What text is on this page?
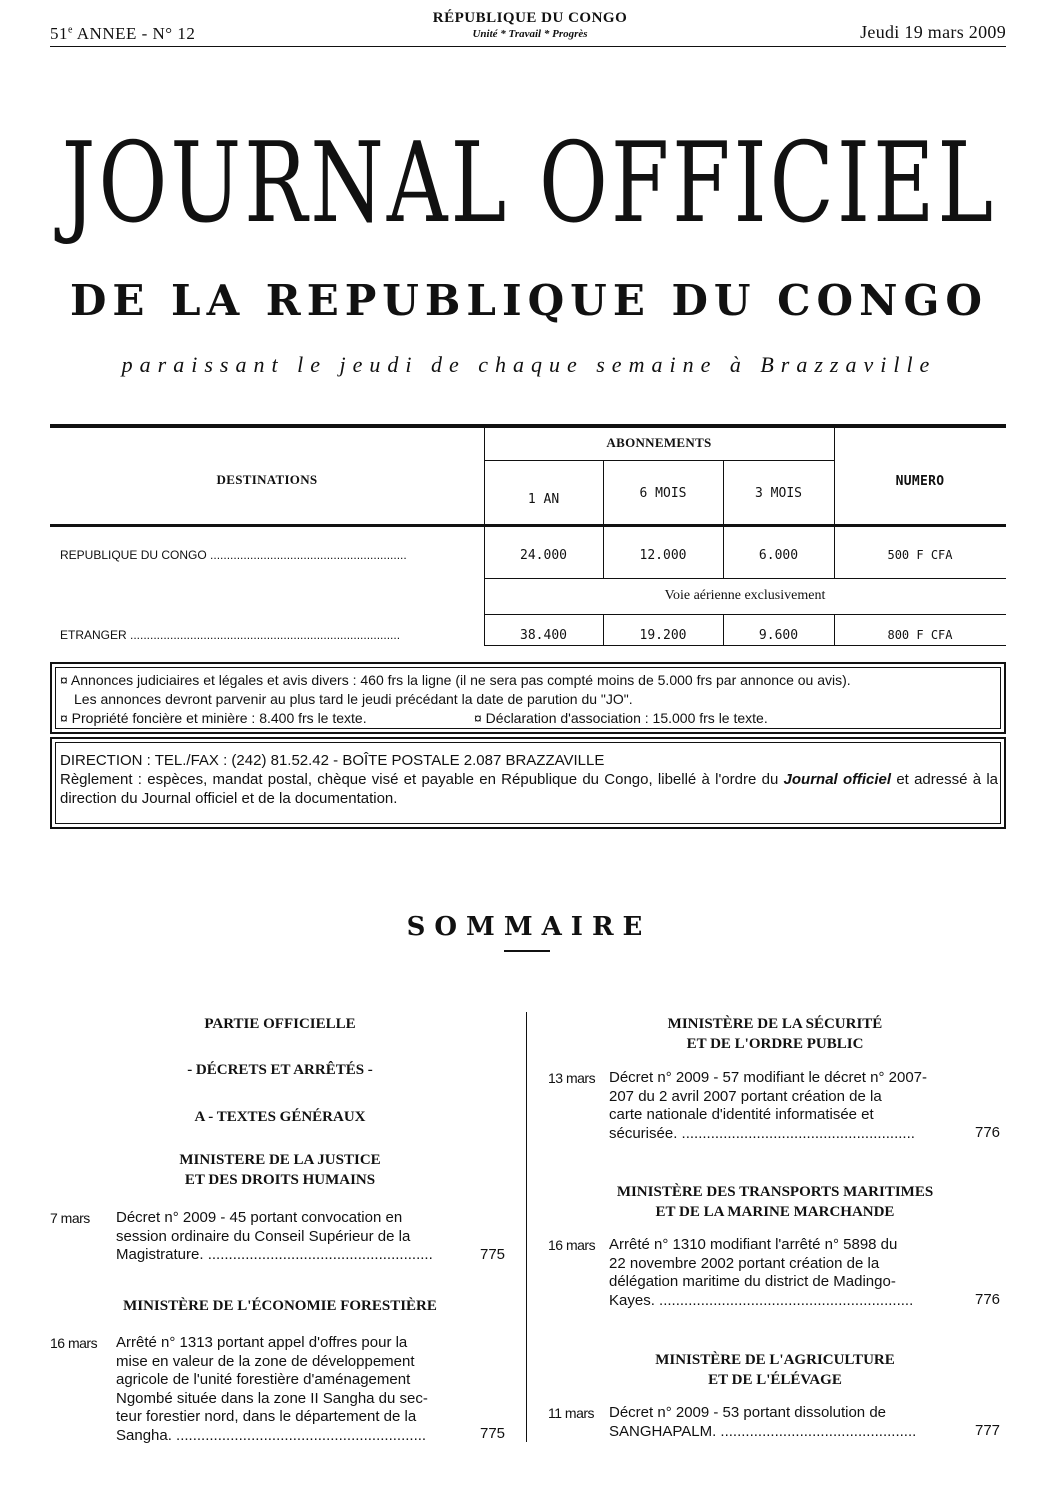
51e ANNEE - N° 12
RÉPUBLIQUE DU CONGO
Unité * Travail * Progrès	Jeudi 19 mars 2009
JOURNAL OFFICIEL
DE LA REPUBLIQUE DU CONGO
paraissant le jeudi de chaque semaine à Brazzaville
DESTINATIONS
ABONNEMENTS
NUMERO
1 AN	6 MOIS	3 MOIS
REPUBLIQUE DU CONGO ...........................................................	24.000	12.000	6.000	500 F CFA
Voie aérienne exclusivement
ETRANGER .................................................................................	38.400	19.200	9.600	800 F CFA
¤ Annonces judiciaires et légales et avis divers : 460 frs la ligne (il ne sera pas compté moins de 5.000 frs par annonce ou avis).
Les annonces devront parvenir au plus tard le jeudi précédant la date de parution du "JO".
¤ Propriété foncière et minière : 8.400 frs le texte.	¤ Déclaration d'association : 15.000 frs le texte.
DIRECTION : TEL./FAX : (242) 81.52.42 - BOÎTE POSTALE 2.087 BRAZZAVILLE
Règlement : espèces, mandat postal, chèque visé et payable en République du Congo, libellé à l'ordre du Journal officiel et adressé à la direction du Journal officiel et de la documentation.
SOMMAIRE
PARTIE OFFICIELLE
- DÉCRETS ET ARRÊTÉS -
A - TEXTES GÉNÉRAUX
MINISTERE DE LA JUSTICE
ET DES DROITS HUMAINS
7 mars Décret n° 2009 - 45 portant convocation en
session ordinaire du Conseil Supérieur de la
Magistrature. ......................................................	775
MINISTÈRE DE L'ÉCONOMIE FORESTIÈRE
16 mars Arrêté n° 1313 portant appel d'offres pour la
mise en valeur de la zone de développement
agricole de l'unité forestière d'aménagement
Ngombé située dans la zone II Sangha du sec-
teur forestier nord, dans le département de la
Sangha. ............................................................	775
MINISTÈRE DE LA SÉCURITÉ
ET DE L'ORDRE PUBLIC
13 mars Décret n° 2009 - 57 modifiant le décret n° 2007-
207 du 2 avril 2007 portant création de la
carte nationale d'identité informatisée et
sécurisée. ........................................................	776
MINISTÈRE DES TRANSPORTS MARITIMES
ET DE LA MARINE MARCHANDE
16 mars Arrêté n° 1310 modifiant l'arrêté n° 5898 du
22 novembre 2002 portant création de la
délégation maritime du district de Madingo-
Kayes. .............................................................	776
MINISTÈRE DE L'AGRICULTURE
ET DE L'ÉLÉVAGE
11 mars Décret n° 2009 - 53 portant dissolution de
SANGHAPALM. ...............................................	777
